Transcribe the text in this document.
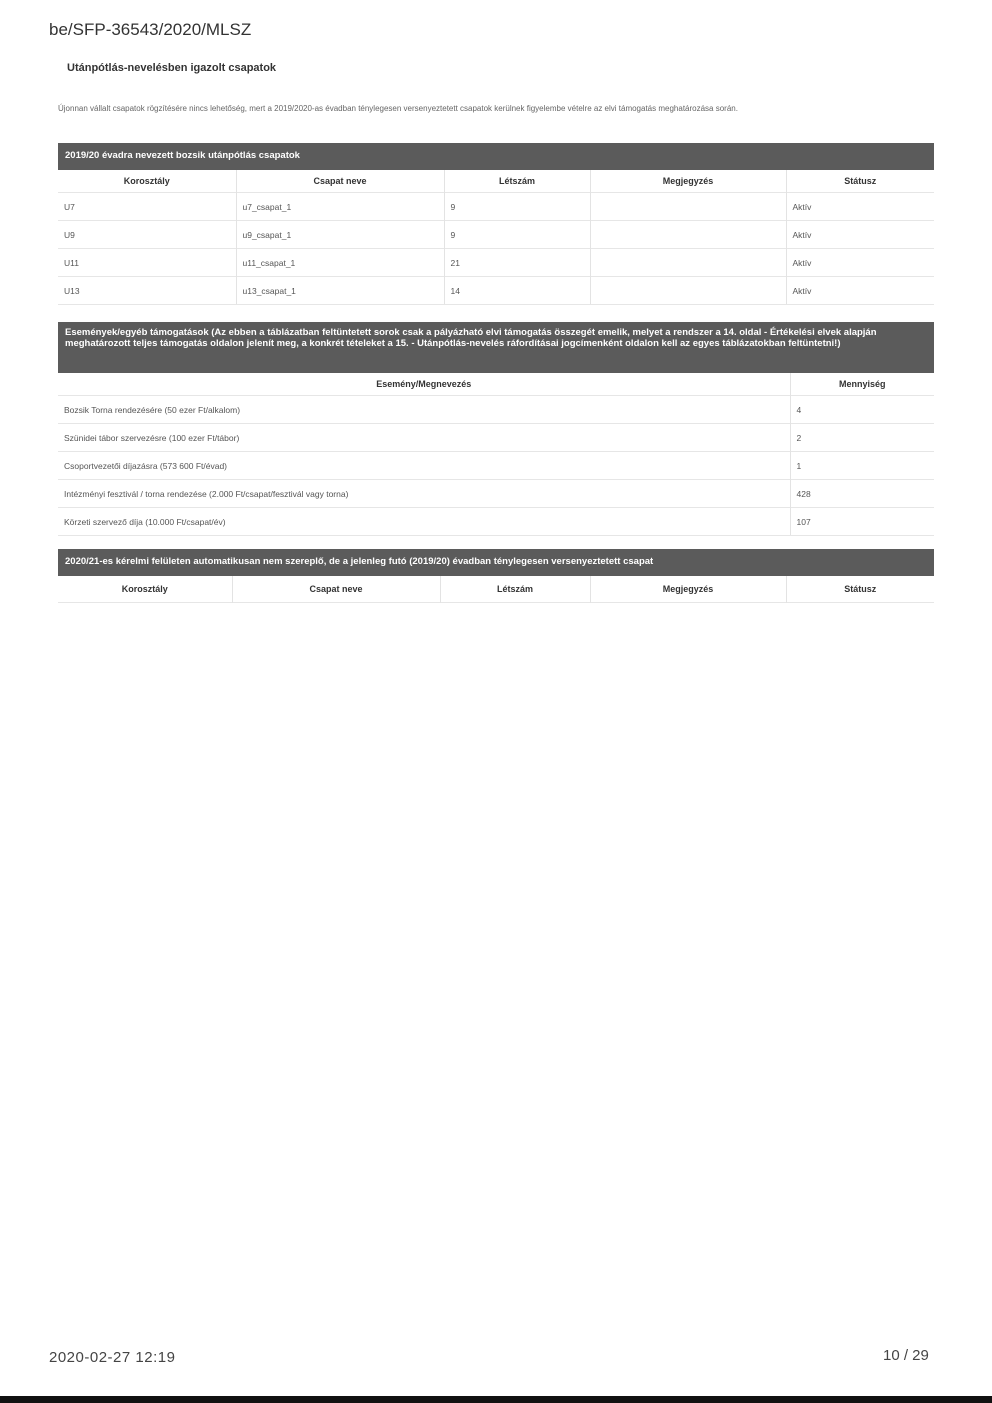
be/SFP-36543/2020/MLSZ
Utánpótlás-nevelésben igazolt csapatok
Újonnan vállalt csapatok rögzítésére nincs lehetőség, mert a 2019/2020-as évadban ténylegesen versenyeztetett csapatok kerülnek figyelembe vételre az elvi támogatás meghatározása során.
2019/20 évadra nevezett bozsik utánpótlás csapatok
Korosztály	Csapat neve	Létszám	Megjegyzés	Státusz
U7	u7_csapat_1	9		Aktív
U9	u9_csapat_1	9		Aktív
U11	u11_csapat_1	21		Aktív
U13	u13_csapat_1	14		Aktív
Események/egyéb támogatások (Az ebben a táblázatban feltüntetett sorok csak a pályázható elvi támogatás összegét emelik, melyet a rendszer a 14. oldal - Értékelési elvek alapján meghatározott teljes támogatás oldalon jelenít meg, a konkrét tételeket a 15. - Utánpótlás-nevelés ráfordításai jogcímenként oldalon kell az egyes táblázatokban feltüntetni!)
Esemény/Megnevezés	Mennyiség
Bozsik Torna rendezésére (50 ezer Ft/alkalom)	4
Szünidei tábor szervezésre (100 ezer Ft/tábor)	2
Csoportvezetői díjazásra (573 600 Ft/évad)	1
Intézményi fesztivál / torna rendezése (2.000 Ft/csapat/fesztivál vagy torna)	428
Körzeti szervező díja (10.000 Ft/csapat/év)	107
2020/21-es kérelmi felületen automatikusan nem szereplő, de a jelenleg futó (2019/20) évadban ténylegesen versenyeztetett csapat
Korosztály	Csapat neve	Létszám	Megjegyzés	Státusz
2020-02-27 12:19	10 / 29
